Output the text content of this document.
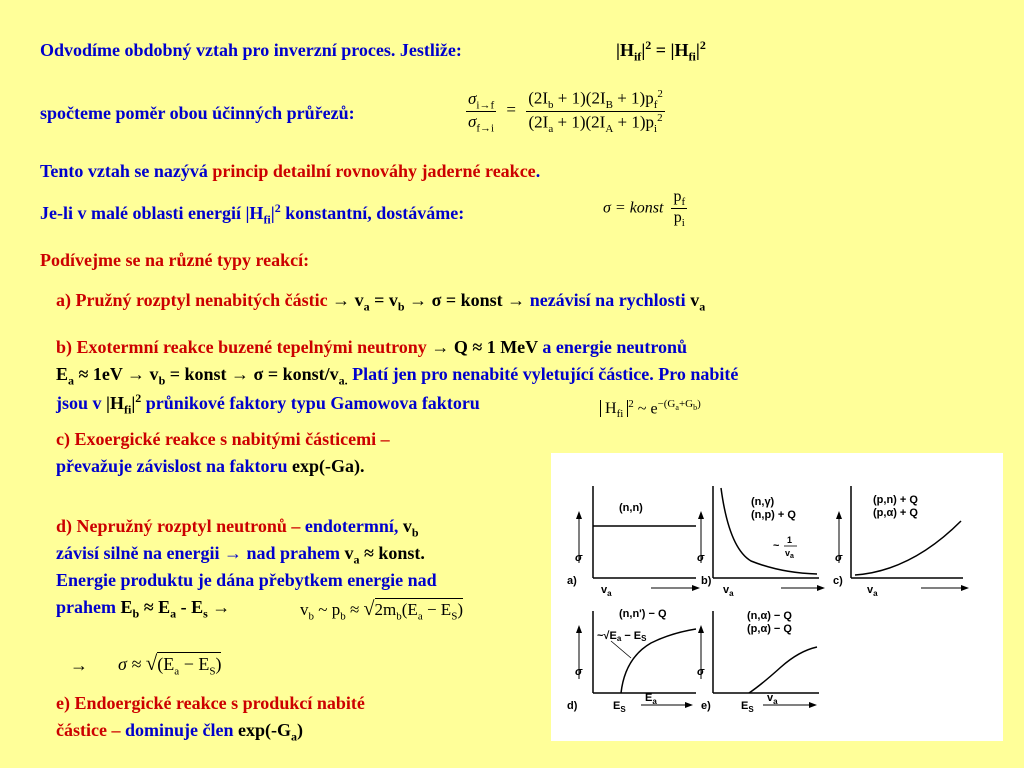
Odvodíme obdobný vztah pro inverzní proces. Jestliže:	$|H_{if}|^2 = |H_{fi}|^2$
spočteme poměr obou účinných průřezů:	$\frac{\sigma_{i\to f}}{\sigma_{f\to i}} = \frac{(2I_b + 1)(2I_B + 1)p_f^2}{(2I_a + 1)(2I_A + 1)p_i^2}$
Tento vztah se nazývá princip detailní rovnováhy jaderné reakce.
Je-li v malé oblasti energií $|H_{fi}|^2$ konstantní, dostáváme:	σ = konst $\frac{p_f}{p_i}$
Podívejme se na různé typy reakcí:
a) Pružný rozptyl nenabitých částic → $v_a = v_b \to \sigma$ = konst → nezávisí na rychlosti $v_a$
b) Exotermní reakce buzené tepelnými neutrony → Q ≈ 1 MeV a energie neutronů
$E_a \approx 1eV \to v_b$ = konst → σ = konst/$v_{a.}$ Platí jen pro nenabité vyletující částice. Pro nabité
jsou v $|H_{fi}|^2$ průnikové faktory typu Gamowova faktoru	$H_{fi}^2$ ~ $e^{-(G_a+G_b)}$
c) Exoergické reakce s nabitými částicemi –
převažuje závislost na faktoru exp(-Ga).
d) Nepružný rozptyl neutronů – endotermní, $v_b$
závisí silně na energii → nad prahem $v_a$ ≈ konst.
Energie produktu je dána přebytkem energie nad
prahem $E_b \approx E_a - E_s$ →	$v_b$ ~ $p_b \approx √2m_b(E_a - E_S)$
→ $\sigma \approx √(E_a - E_S)$
e) Endoergické reakce s produkcí nabité
částice – dominuje člen $\exp(-G_a)$
σ
(n,n)
a)
$v_a$
σ
(n,γ)
(n,p) + Q
~ 1
$v_a$
b)
$v_a$
σ
(p,n) + Q
(p,α) + Q
c)
$v_a$
σ
(n,n') − Q
~√Ea − ES
d)	$E_S$
$E_a$
σ
(n,α) − Q
(p,α) − Q
e)	$E_S$
$v_a$
